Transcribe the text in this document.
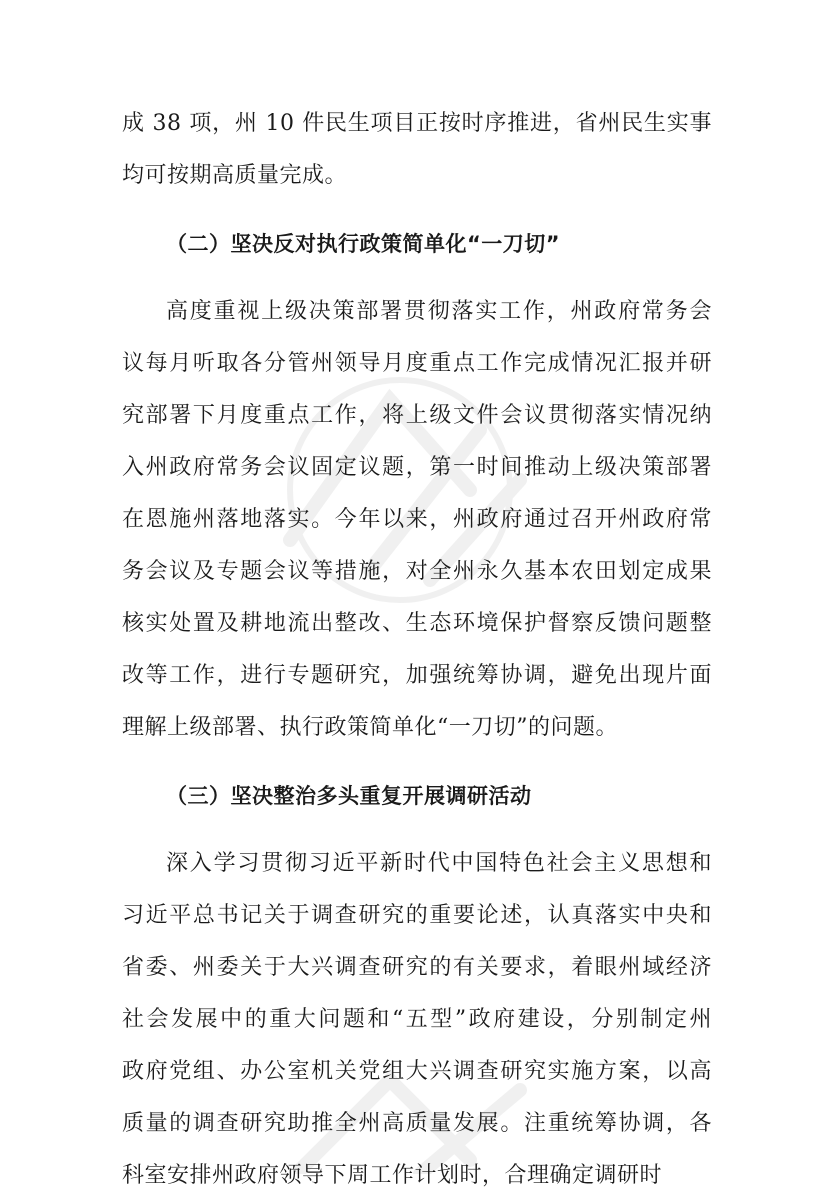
成 38 项，州 10 件民生项目正按时序推进，省州民生实事
均可按期高质量完成。
（二）坚决反对执行政策简单化“一刀切”
高度重视上级决策部署贯彻落实工作，州政府常务会
议每月听取各分管州领导月度重点工作完成情况汇报并研
究部署下月度重点工作，将上级文件会议贯彻落实情况纳
入州政府常务会议固定议题，第一时间推动上级决策部署
在恩施州落地落实。今年以来，州政府通过召开州政府常
务会议及专题会议等措施，对全州永久基本农田划定成果
核实处置及耕地流出整改、生态环境保护督察反馈问题整
改等工作，进行专题研究，加强统筹协调，避免出现片面
理解上级部署、执行政策简单化“一刀切”的问题。
（三）坚决整治多头重复开展调研活动
深入学习贯彻习近平新时代中国特色社会主义思想和
习近平总书记关于调查研究的重要论述，认真落实中央和
省委、州委关于大兴调查研究的有关要求，着眼州域经济
社会发展中的重大问题和“五型”政府建设，分别制定州
政府党组、办公室机关党组大兴调查研究实施方案，以高
质量的调查研究助推全州高质量发展。注重统筹协调，各
科室安排州政府领导下周工作计划时，合理确定调研时
